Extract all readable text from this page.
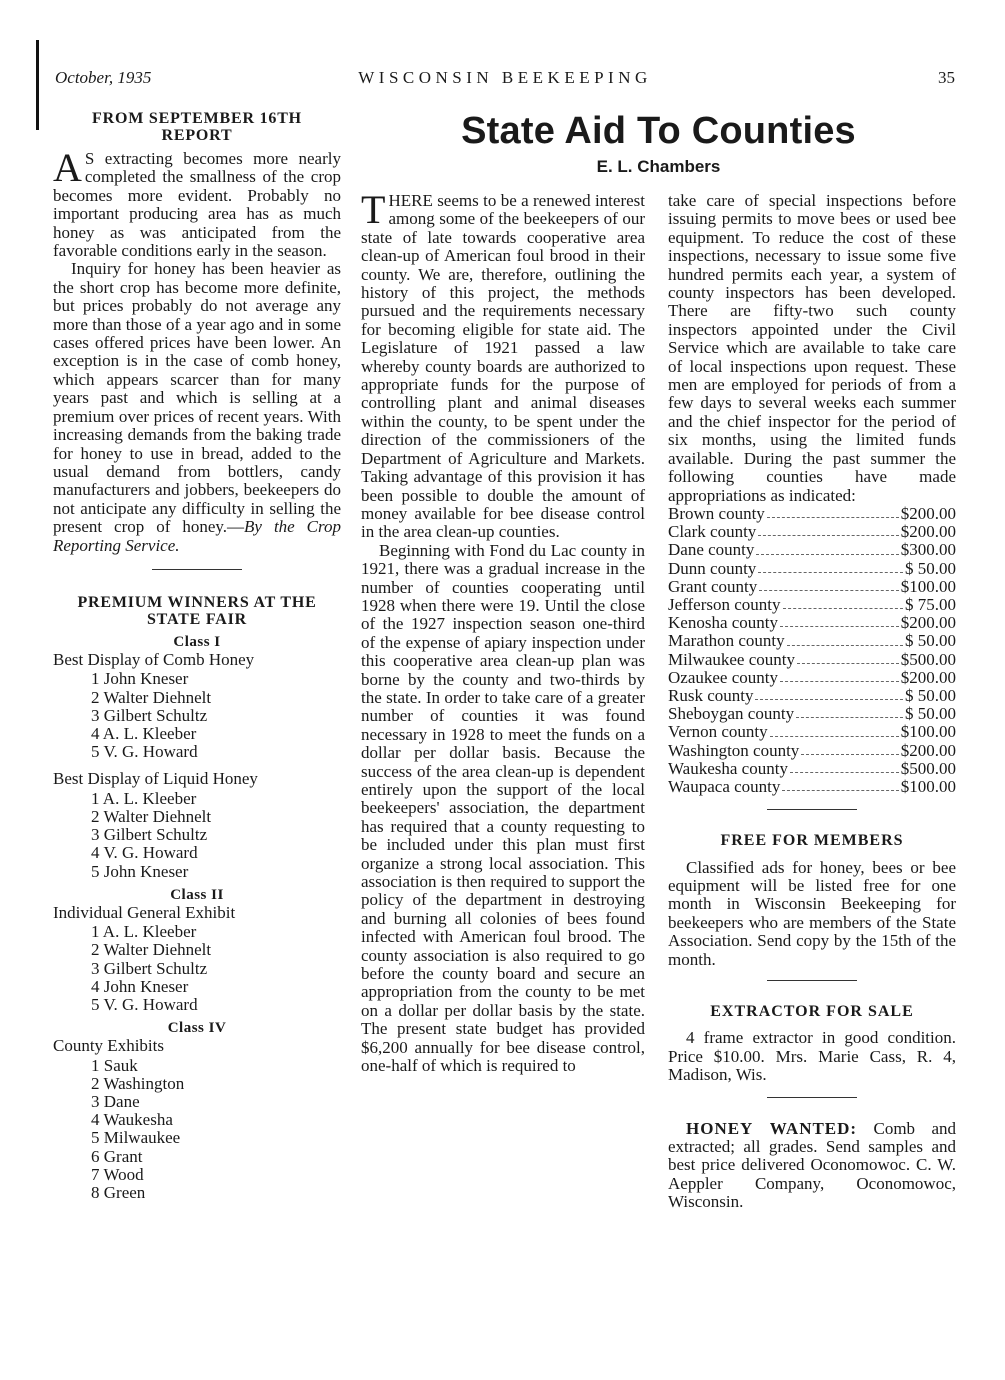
October, 1935	WISCONSIN BEEKEEPING	35
FROM SEPTEMBER 16TH REPORT

A S extracting becomes more nearly completed the smallness of the crop becomes more evident. Probably no important producing area has as much honey as was anticipated from the favorable conditions early in the season.

Inquiry for honey has been heavier as the short crop has become more definite, but prices probably do not average any more than those of a year ago and in some cases offered prices have been lower. An exception is in the case of comb honey, which appears scarcer than for many years past and which is selling at a premium over prices of recent years. With increasing demands from the baking trade for honey to use in bread, added to the usual demand from bottlers, candy manufacturers and jobbers, beekeepers do not anticipate any difficulty in selling the present crop of honey.—By the Crop Reporting Service.

PREMIUM WINNERS AT THE STATE FAIR
Class I
Best Display of Comb Honey
1 John Kneser
2 Walter Diehnelt
3 Gilbert Schultz
4 A. L. Kleeber
5 V. G. Howard
Best Display of Liquid Honey
1 A. L. Kleeber
2 Walter Diehnelt
3 Gilbert Schultz
4 V. G. Howard
5 John Kneser
Class II
Individual General Exhibit
1 A. L. Kleeber
2 Walter Diehnelt
3 Gilbert Schultz
4 John Kneser
5 V. G. Howard
Class IV
County Exhibits
1 Sauk
2 Washington
3 Dane
4 Waukesha
5 Milwaukee
6 Grant
7 Wood
8 Green
State Aid To Counties
E. L. Chambers

THERE seems to be a renewed interest among some of the beekeepers of our state of late towards cooperative area clean-up of American foul brood in their county. We are, therefore, outlining the history of this project, the methods pursued and the requirements necessary for becoming eligible for state aid. The Legislature of 1921 passed a law whereby county boards are authorized to appropriate funds for the purpose of controlling plant and animal diseases within the county, to be spent under the direction of the commissioners of the Department of Agriculture and Markets. Taking advantage of this provision it has been possible to double the amount of money available for bee disease control in the area clean-up counties.

Beginning with Fond du Lac county in 1921, there was a gradual increase in the number of counties cooperating until 1928 when there were 19. Until the close of the 1927 inspection season one-third of the expense of apiary inspection under this cooperative area clean-up plan was borne by the county and two-thirds by the state. In order to take care of a greater number of counties it was found necessary in 1928 to meet the funds on a dollar per dollar basis. Because the success of the area clean-up is dependent entirely upon the support of the local beekeepers' association, the department has required that a county requesting to be included under this plan must first organize a strong local association. This association is then required to support the policy of the department in destroying and burning all colonies of bees found infected with American foul brood. The county association is also required to go before the county board and secure an appropriation from the county to be met on a dollar per dollar basis by the state. The present state budget has provided $6,200 annually for bee disease control, one-half of which is required to

take care of special inspections before issuing permits to move bees or used bee equipment. To reduce the cost of these inspections, necessary to issue some five hundred permits each year, a system of county inspectors has been developed. There are fifty-two such county inspectors appointed under the Civil Service which are available to take care of local inspections upon request. These men are employed for periods of from a few days to several weeks each summer and the chief inspector for the period of six months, using the limited funds available. During the past summer the following counties have made appropriations as indicated:

Brown county	$200.00
Clark county	$200.00
Dane county	$300.00
Dunn county	$ 50.00
Grant county	$100.00
Jefferson county	$ 75.00
Kenosha county	$200.00
Marathon county	$ 50.00
Milwaukee county	$500.00
Ozaukee county	$200.00
Rusk county	$ 50.00
Sheboygan county	$ 50.00
Vernon county	$100.00
Washington county	$200.00
Waukesha county	$500.00
Waupaca county	$100.00
FREE FOR MEMBERS

Classified ads for honey, bees or bee equipment will be listed free for one month in Wisconsin Beekeeping for beekeepers who are members of the State Association. Send copy by the 15th of the month.

EXTRACTOR FOR SALE

4 frame extractor in good condition. Price $10.00. Mrs. Marie Cass, R. 4, Madison, Wis.

HONEY WANTED: Comb and extracted; all grades. Send samples and best price delivered Oconomowoc. C. W. Aeppler Company, Oconomowoc, Wisconsin.
